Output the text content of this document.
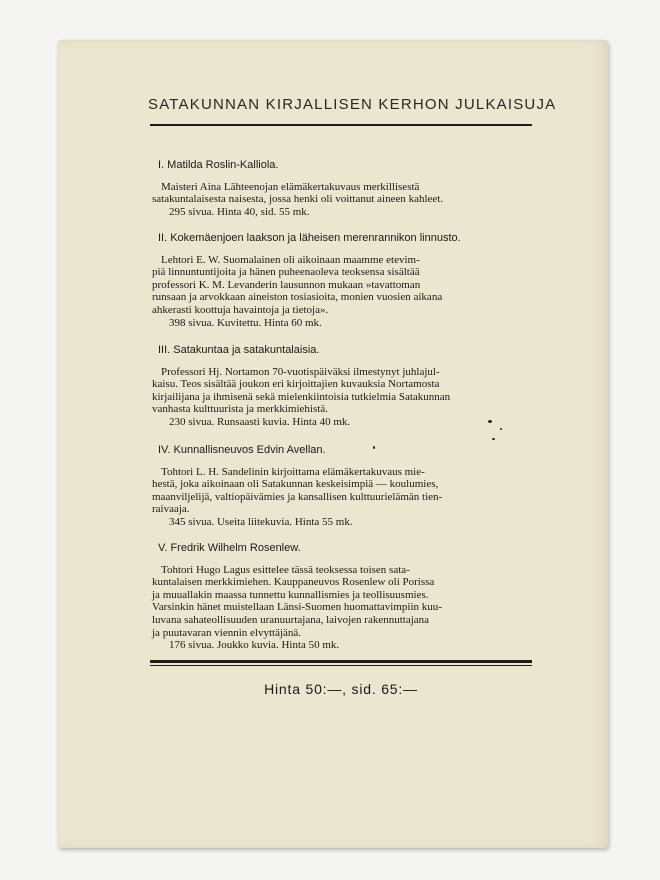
SATAKUNNAN KIRJALLISEN KERHON JULKAISUJA
I. Matilda Roslin-Kalliola.
Maisteri Aina Lähteenojan elämäkertakuvaus merkillisestä
satakuntalaisesta naisesta, jossa henki oli voittanut aineen kahleet.
295 sivua. Hinta 40, sid. 55 mk.
II. Kokemäenjoen laakson ja läheisen merenrannikon linnusto.
Lehtori E. W. Suomalainen oli aikoinaan maamme etevim-
piä linnuntuntijoita ja hänen puheenaoleva teoksensa sisältää
professori K. M. Levanderin lausunnon mukaan »tavattoman
runsaan ja arvokkaan aineiston tosiasioita, monien vuosien aikana
ahkerasti koottuja havaintoja ja tietoja».
398 sivua. Kuvitettu. Hinta 60 mk.
III. Satakuntaa ja satakuntalaisia.
Professori Hj. Nortamon 70-vuotispäiväksi ilmestynyt juhlajul-
kaisu. Teos sisältää joukon eri kirjoittajien kuvauksia Nortamosta
kirjailijana ja ihmisenä sekä mielenkiintoisia tutkielmia Satakunnan
vanhasta kulttuurista ja merkkimiehistä.
230 sivua. Runsaasti kuvia. Hinta 40 mk.
IV. Kunnallisneuvos Edvin Avellan.
Tohtori L. H. Sandelinin kirjoittama elämäkertakuvaus mie-
hestä, joka aikoinaan oli Satakunnan keskeisimpiä — koulumies,
maanviljelijä, valtiopäivämies ja kansallisen kulttuurielämän tien-
raivaaja.
345 sivua. Useita liitekuvia. Hinta 55 mk.
V. Fredrik Wilhelm Rosenlew.
Tohtori Hugo Lagus esittelee tässä teoksessa toisen sata-
kuntalaisen merkkimiehen. Kauppaneuvos Rosenlew oli Porissa
ja muuallakin maassa tunnettu kunnallismies ja teollisuusmies.
Varsinkin hänet muistellaan Länsi-Suomen huomattavimpiin kuu-
luvana sahateollisuuden uranuurtajana, laivojen rakennuttajana
ja puutavaran viennin elvyttäjänä.
176 sivua. Joukko kuvia. Hinta 50 mk.
Hinta 50:—, sid. 65:—
